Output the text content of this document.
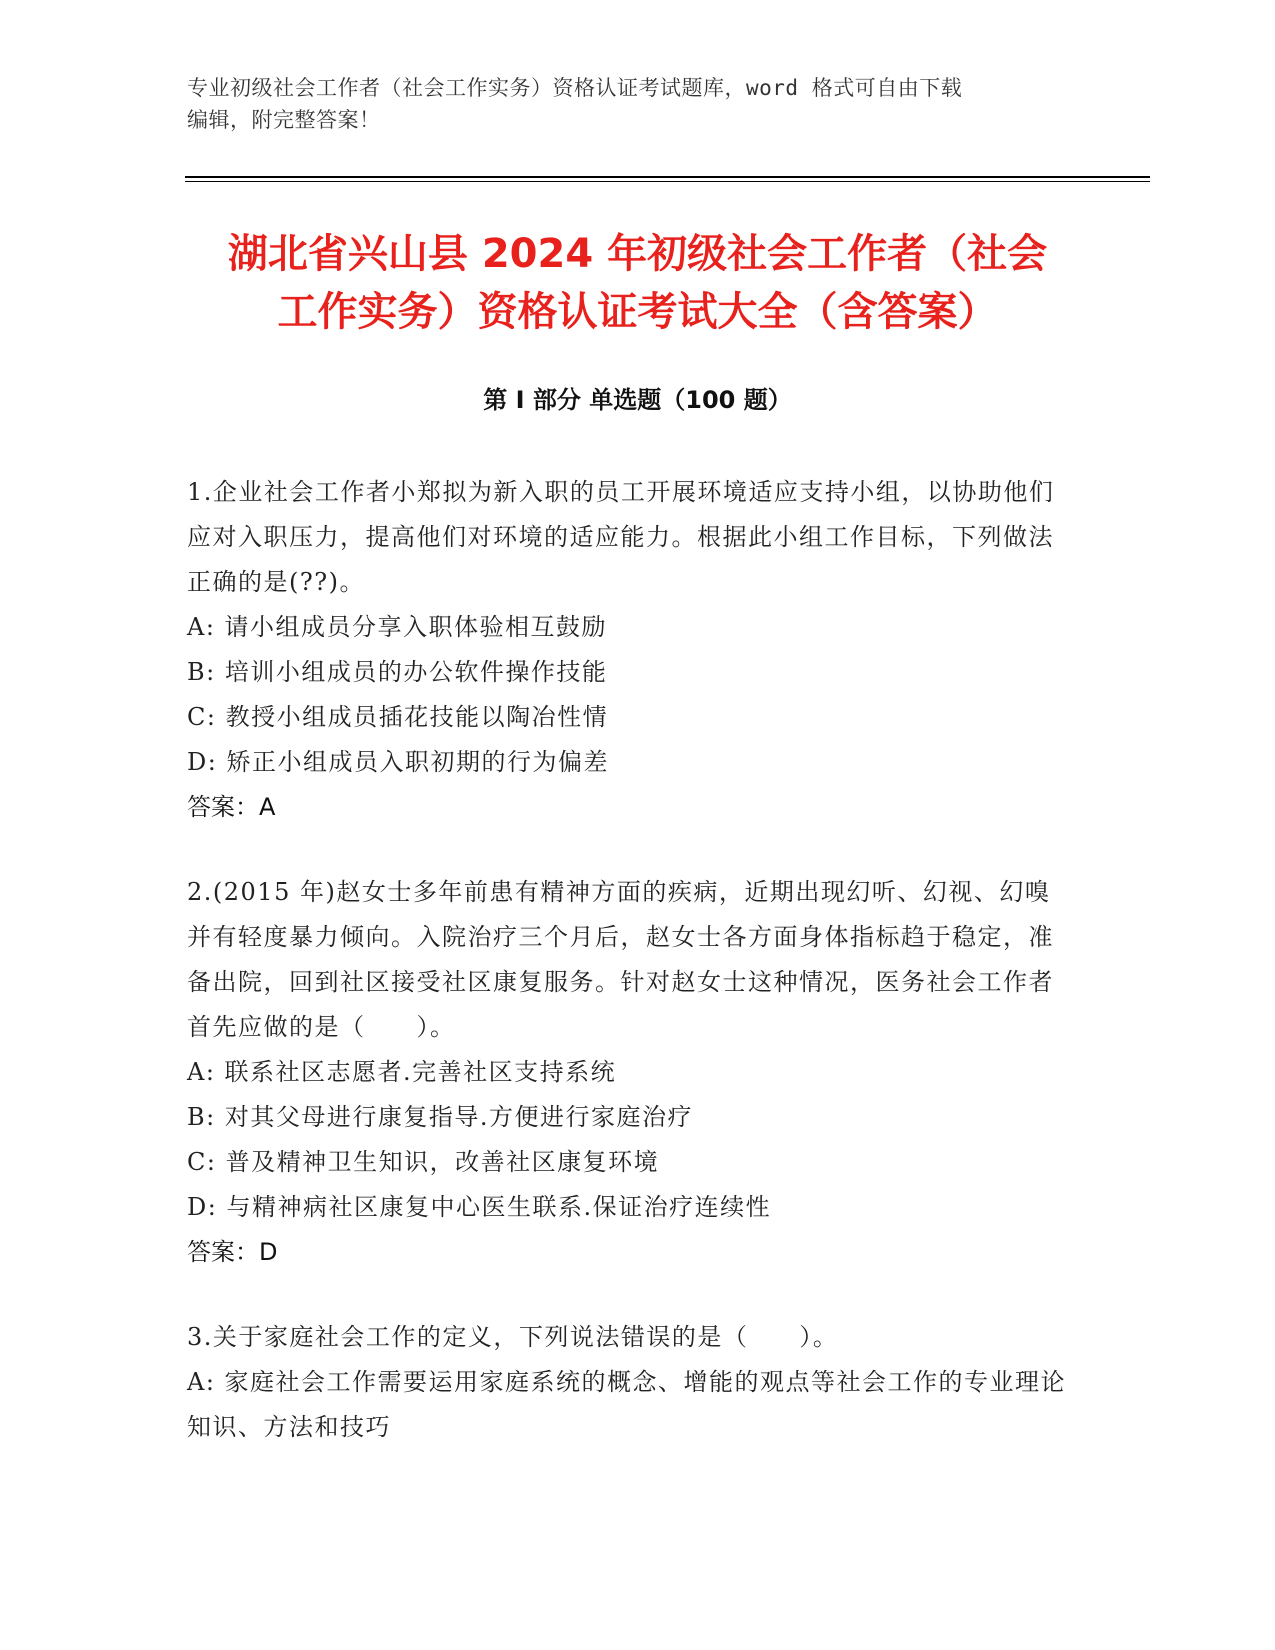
专业初级社会工作者（社会工作实务）资格认证考试题库，word 格式可自由下载
编辑，附完整答案！
湖北省兴山县 2024 年初级社会工作者（社会
工作实务）资格认证考试大全（含答案）
第 I 部分 单选题（100 题）
1.企业社会工作者小郑拟为新入职的员工开展环境适应支持小组，以协助他们应对入职压力，提高他们对环境的适应能力。根据此小组工作目标，下列做法正确的是(??)。
A: 请小组成员分享入职体验相互鼓励
B: 培训小组成员的办公软件操作技能
C: 教授小组成员插花技能以陶冶性情
D: 矫正小组成员入职初期的行为偏差
答案：A
2.(2015 年)赵女士多年前患有精神方面的疾病，近期出现幻听、幻视、幻嗅并有轻度暴力倾向。入院治疗三个月后，赵女士各方面身体指标趋于稳定，准备出院，回到社区接受社区康复服务。针对赵女士这种情况，医务社会工作者首先应做的是（　　）。
A: 联系社区志愿者.完善社区支持系统
B: 对其父母进行康复指导.方便进行家庭治疗
C: 普及精神卫生知识，改善社区康复环境
D: 与精神病社区康复中心医生联系.保证治疗连续性
答案：D
3.关于家庭社会工作的定义，下列说法错误的是（　　）。
A: 家庭社会工作需要运用家庭系统的概念、增能的观点等社会工作的专业理论知识、方法和技巧
